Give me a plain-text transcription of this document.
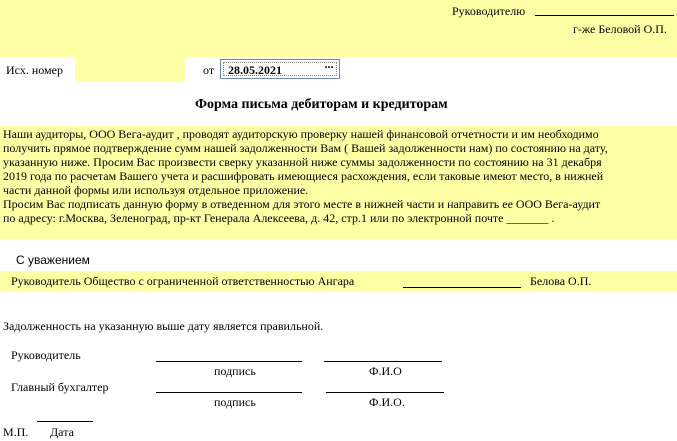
Руководителю
г-же Беловой О.П.
Исх. номер	от 28.05.2021	···
Форма письма дебиторам и кредиторам
Наши аудиторы, ООО Вега-аудит , проводят аудиторскую проверку нашей финансовой отчетности и им необходимо
получить прямое подтверждение сумм нашей задолженности Вам ( Вашей задолженности нам) по состоянию на дату,
указанную ниже. Просим Вас произвести сверку указанной ниже суммы задолженности по состоянию на 31 декабря
2019 года по расчетам Вашего учета и расшифровать имеющиеся расхождения, если таковые имеют место, в нижней
части данной формы или используя отдельное приложение.
Просим Вас подписать данную форму в отведенном для этого месте в нижней части и направить ее ООО Вега-аудит
по адресу: г.Москва, Зеленоград, пр-кт Генерала Алексеева, д. 42, стр.1 или по электронной почте _______ .
С уважением
Руководитель Общество с ограниченной ответственностью Ангара	Белова О.П.
Задолженность на указанную выше дату является правильной.
Руководитель
подпись	Ф.И.О
Главный бухгалтер
подпись	Ф.И.О.
М.П. Дата
